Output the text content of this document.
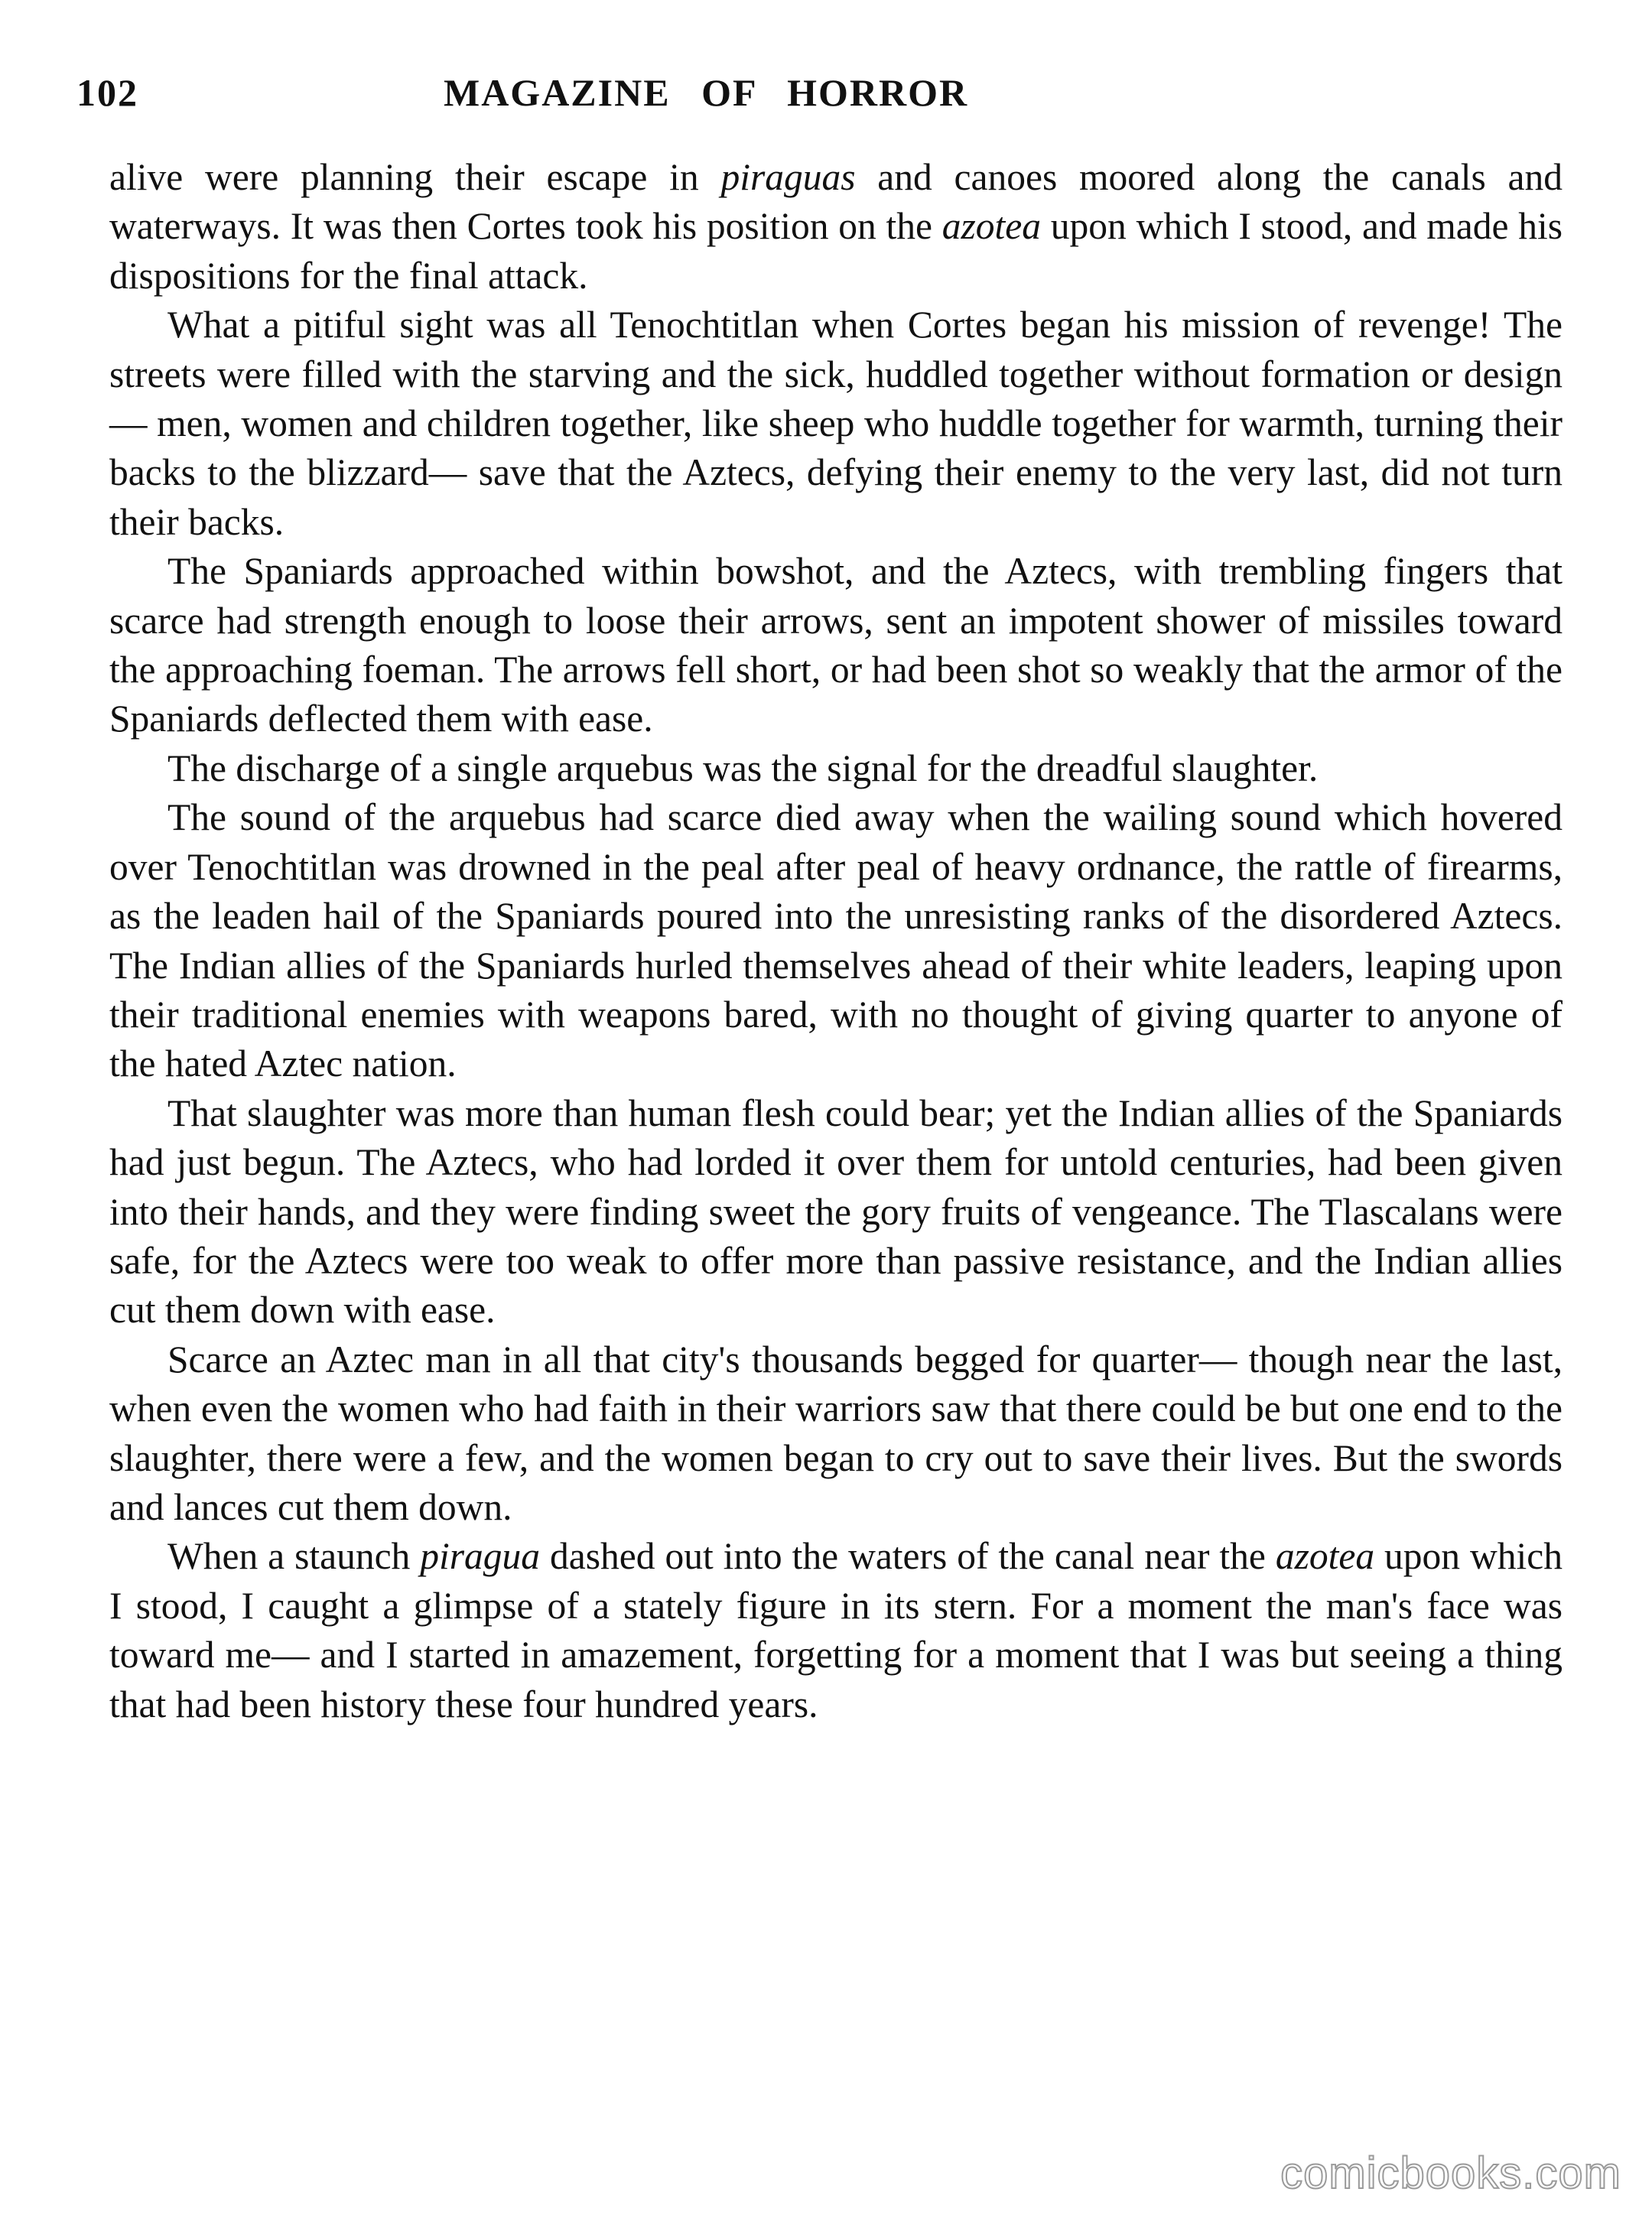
102	MAGAZINE OF HORROR

alive were planning their escape in piraguas and canoes moored along the canals and waterways. It was then Cortes took his position on the azotea upon which I stood, and made his dispositions for the final attack.

What a pitiful sight was all Tenochtitlan when Cortes began his mission of revenge! The streets were filled with the starving and the sick, huddled together without formation or design— men, women and children together, like sheep who huddle together for warmth, turning their backs to the blizzard— save that the Aztecs, defying their enemy to the very last, did not turn their backs.

The Spaniards approached within bowshot, and the Aztecs, with trembling fingers that scarce had strength enough to loose their arrows, sent an impotent shower of missiles toward the approaching foeman. The arrows fell short, or had been shot so weakly that the armor of the Spaniards deflected them with ease.

The discharge of a single arquebus was the signal for the dreadful slaughter.

The sound of the arquebus had scarce died away when the wailing sound which hovered over Tenochtitlan was drowned in the peal after peal of heavy ordnance, the rattle of firearms, as the leaden hail of the Spaniards poured into the unresisting ranks of the disordered Aztecs. The Indian allies of the Spaniards hurled themselves ahead of their white leaders, leaping upon their traditional enemies with weapons bared, with no thought of giving quarter to anyone of the hated Aztec nation.

That slaughter was more than human flesh could bear; yet the Indian allies of the Spaniards had just begun. The Aztecs, who had lorded it over them for untold centuries, had been given into their hands, and they were finding sweet the gory fruits of vengeance. The Tlascalans were safe, for the Aztecs were too weak to offer more than passive resistance, and the Indian allies cut them down with ease.

Scarce an Aztec man in all that city's thousands begged for quarter— though near the last, when even the women who had faith in their warriors saw that there could be but one end to the slaughter, there were a few, and the women began to cry out to save their lives. But the swords and lances cut them down.

When a staunch piragua dashed out into the waters of the canal near the azotea upon which I stood, I caught a glimpse of a stately figure in its stern. For a moment the man's face was toward me— and I started in amazement, forgetting for a moment that I was but seeing a thing that had been history these four hundred years.

comicbooks.com
